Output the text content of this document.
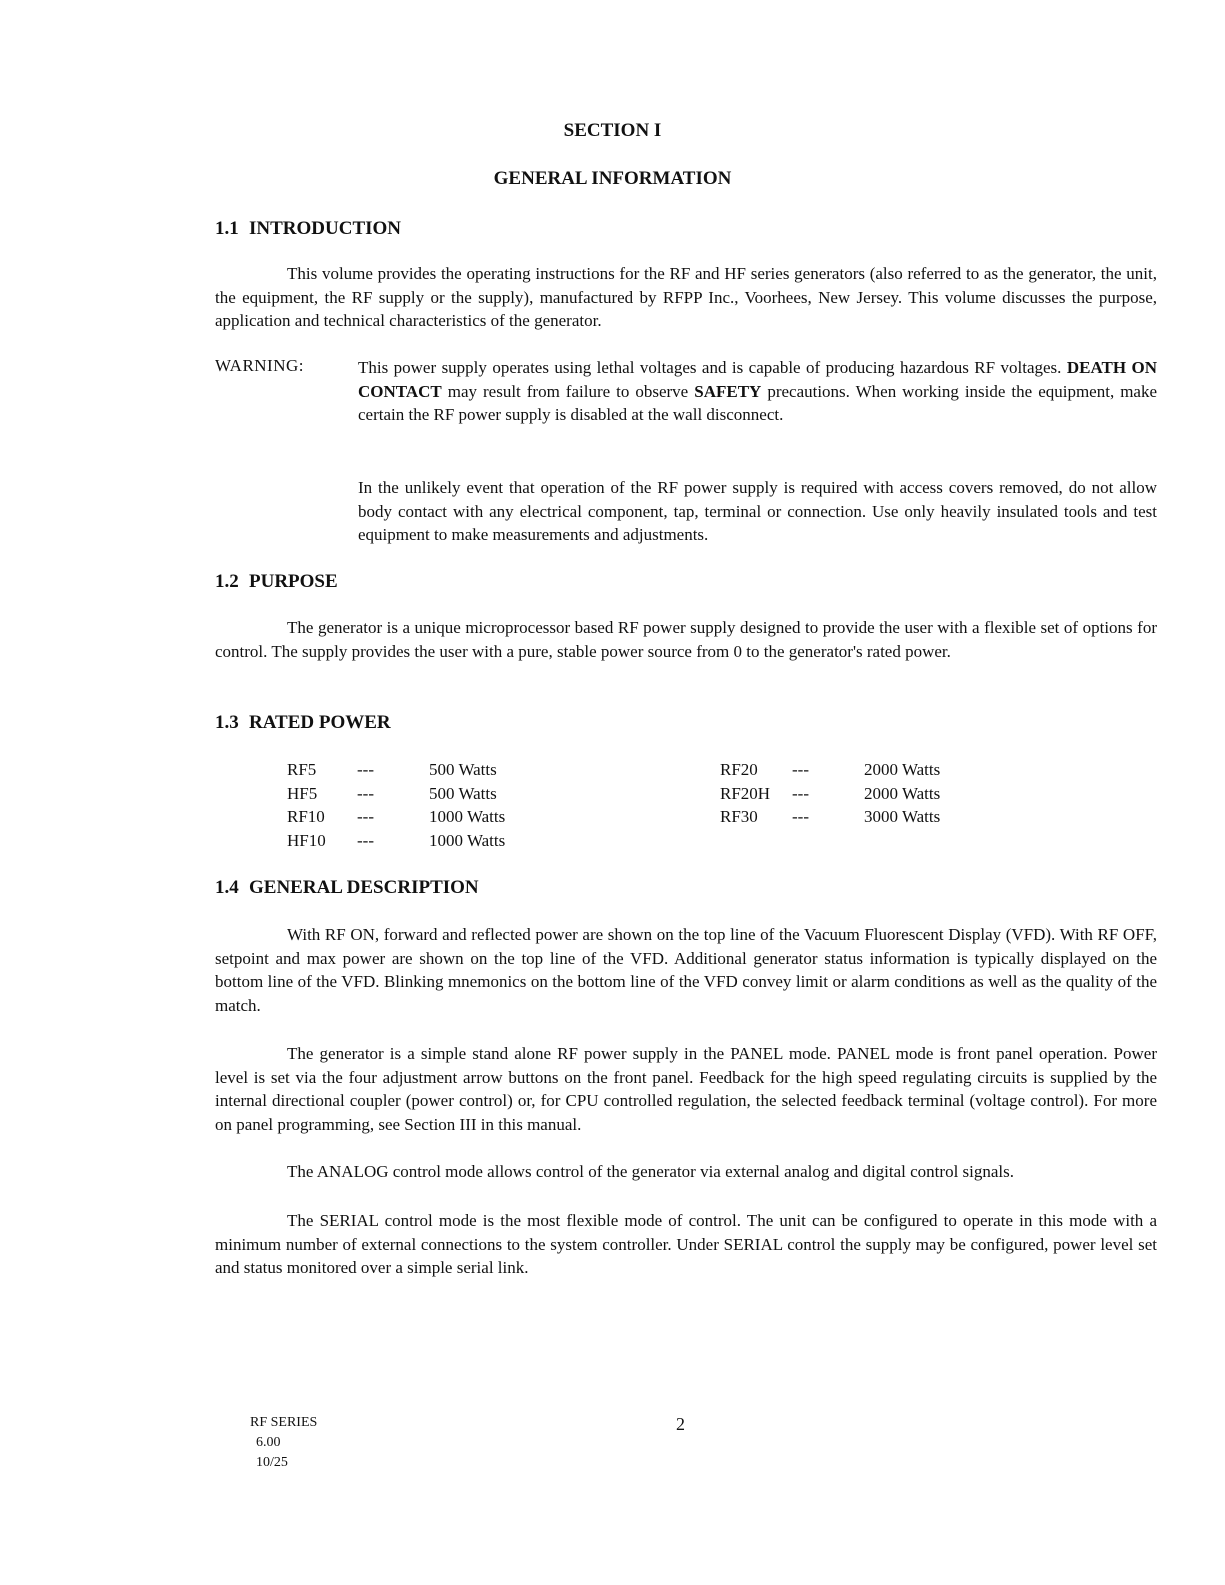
SECTION I
GENERAL INFORMATION
1.1 INTRODUCTION
This volume provides the operating instructions for the RF and HF series generators (also referred to as the generator, the unit, the equipment, the RF supply or the supply), manufactured by RFPP Inc., Voorhees, New Jersey. This volume discusses the purpose, application and technical characteristics of the generator.
WARNING:	This power supply operates using lethal voltages and is capable of producing hazardous RF voltages. DEATH ON CONTACT may result from failure to observe SAFETY precautions. When working inside the equipment, make certain the RF power supply is disabled at the wall disconnect.
In the unlikely event that operation of the RF power supply is required with access covers removed, do not allow body contact with any electrical component, tap, terminal or connection. Use only heavily insulated tools and test equipment to make measurements and adjustments.
1.2 PURPOSE
The generator is a unique microprocessor based RF power supply designed to provide the user with a flexible set of options for control. The supply provides the user with a pure, stable power source from 0 to the generator's rated power.
1.3 RATED POWER
RF5	---	500 Watts
HF5	---	500 Watts
RF10	---	1000 Watts
HF10	---	1000 Watts
RF20	---	2000 Watts
RF20H	---	2000 Watts
RF30	---	3000 Watts
1.4 GENERAL DESCRIPTION
With RF ON, forward and reflected power are shown on the top line of the Vacuum Fluorescent Display (VFD). With RF OFF, setpoint and max power are shown on the top line of the VFD. Additional generator status information is typically displayed on the bottom line of the VFD. Blinking mnemonics on the bottom line of the VFD convey limit or alarm conditions as well as the quality of the match.
The generator is a simple stand alone RF power supply in the PANEL mode. PANEL mode is front panel operation. Power level is set via the four adjustment arrow buttons on the front panel. Feedback for the high speed regulating circuits is supplied by the internal directional coupler (power control) or, for CPU controlled regulation, the selected feedback terminal (voltage control). For more on panel programming, see Section III in this manual.
The ANALOG control mode allows control of the generator via external analog and digital control signals.
The SERIAL control mode is the most flexible mode of control. The unit can be configured to operate in this mode with a minimum number of external connections to the system controller. Under SERIAL control the supply may be configured, power level set and status monitored over a simple serial link.
RF SERIES
6.00
10/25
2
